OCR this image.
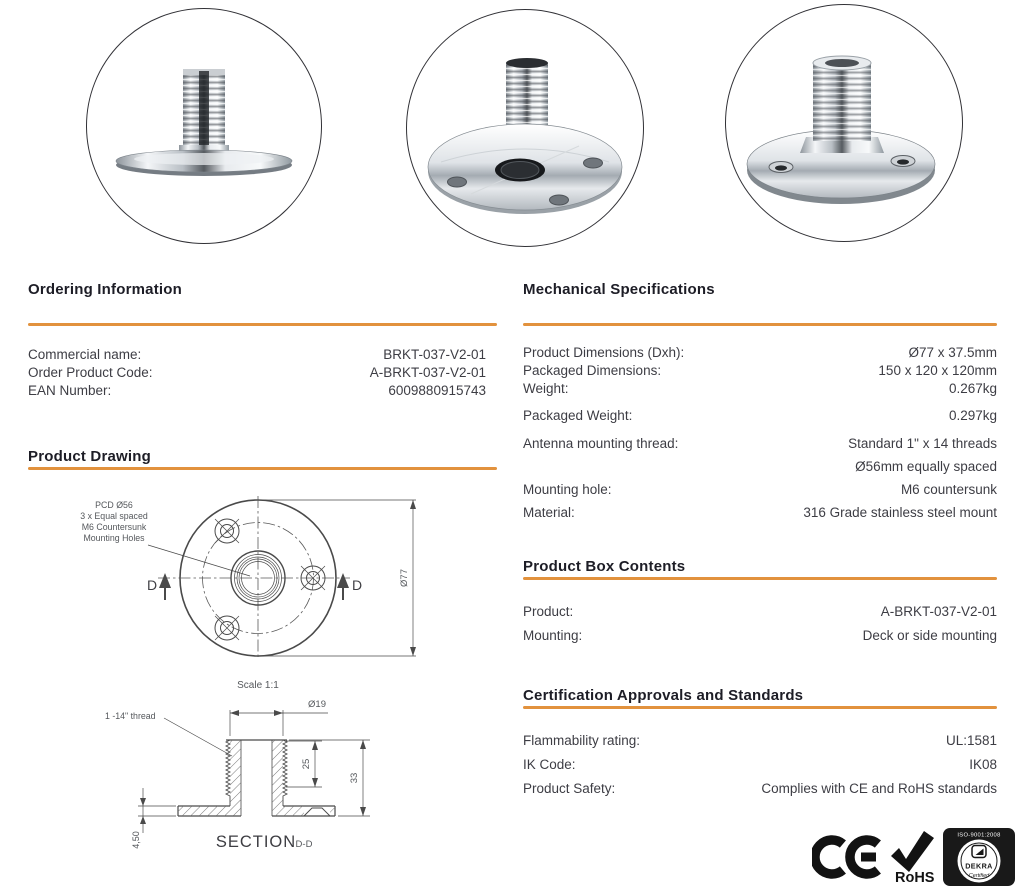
Ordering Information
Commercial name:	BRKT-037-V2-01
Order Product Code:	A-BRKT-037-V2-01
EAN Number:	6009880915743
Product Drawing
PCD Ø56
3 x Equal spaced
M6 Countersunk
Mounting Holes
D	D	Ø77
Scale 1:1
1 -14" thread
Ø19
25
33
4,50	SECTION D-D
Mechanical Specifications
Product Dimensions (Dxh):	Ø77 x 37.5mm
Packaged Dimensions:	150 x 120 x 120mm
Weight:	0.267kg
Packaged Weight:	0.297kg
Antenna mounting thread:	Standard 1" x 14 threads
Ø56mm equally spaced
Mounting hole:	M6 countersunk
Material:	316 Grade stainless steel mount
Product Box Contents
Product:	A-BRKT-037-V2-01
Mounting:	Deck or side mounting
Certification Approvals and Standards
Flammability rating:	UL:1581
IK Code:	IK08
Product Safety:	Complies with CE and RoHS standards
RoHS
ISO-9001:2008
DEKRA
Certified
